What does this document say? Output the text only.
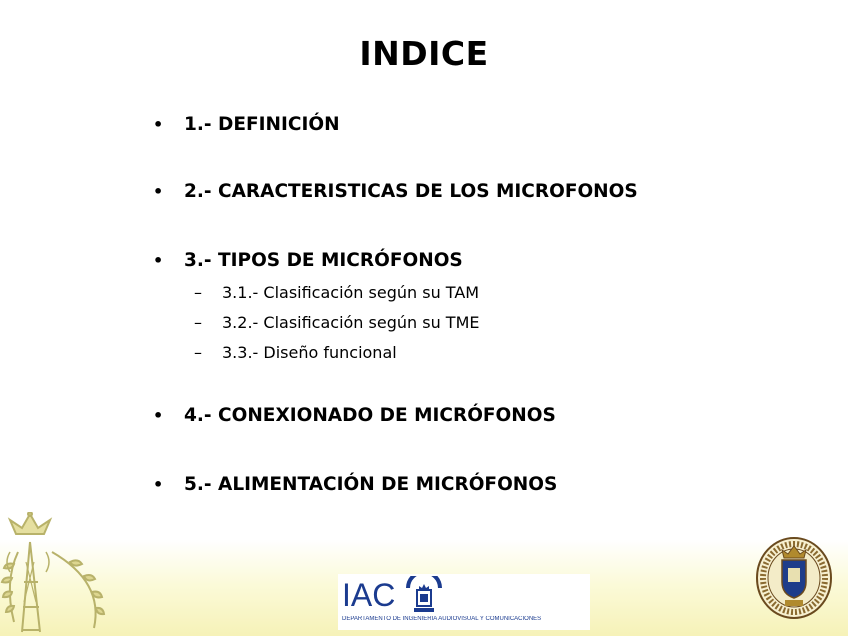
INDICE
•	1.- DEFINICIÓN
•	2.- CARACTERISTICAS DE LOS MICROFONOS
•	3.- TIPOS DE MICRÓFONOS
–	3.1.- Clasificación según su TAM
–	3.2.- Clasificación según su TME
–	3.3.- Diseño funcional
•	4.- CONEXIONADO DE MICRÓFONOS
•	5.- ALIMENTACIÓN DE MICRÓFONOS
IAC
DEPARTAMENTO DE INGENIERÍA AUDIOVISUAL Y COMUNICACIONES
